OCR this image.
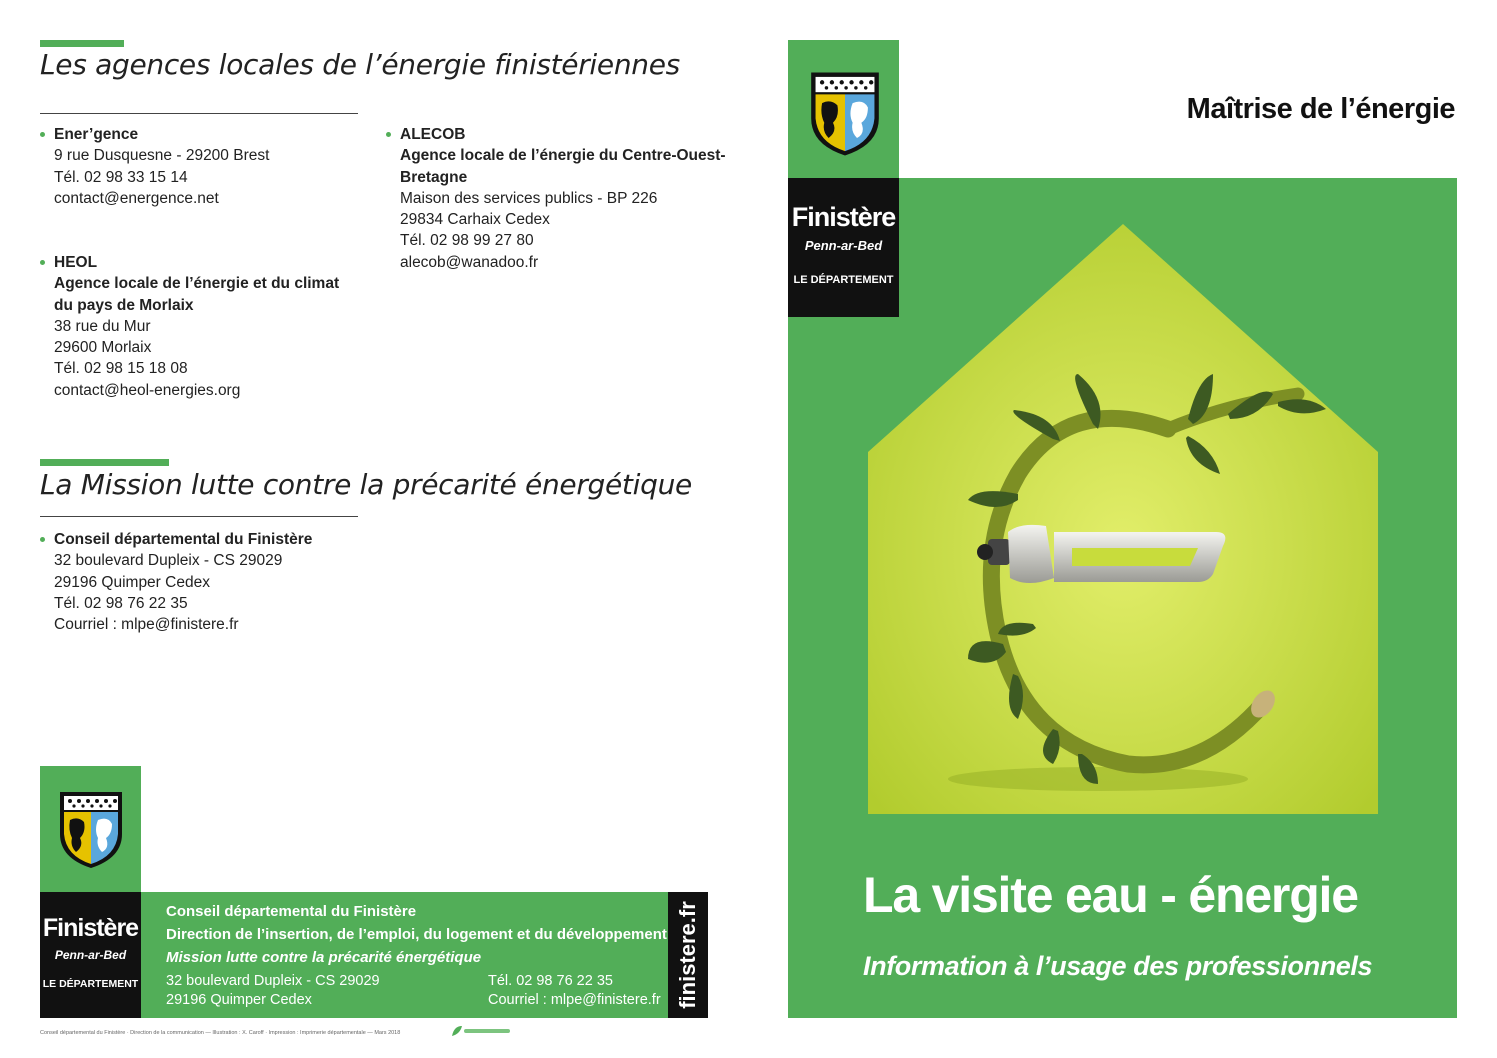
Les agences locales de l’énergie finistériennes
Ener’gence
9 rue Dusquesne - 29200 Brest
Tél. 02 98 33 15 14
contact@energence.net
HEOL
Agence locale de l’énergie et du climat
du pays de Morlaix
38 rue du Mur
29600 Morlaix
Tél. 02 98 15 18 08
contact@heol-energies.org
ALECOB
Agence locale de l’énergie du Centre-Ouest-
Bretagne
Maison des services publics - BP 226
29834 Carhaix Cedex
Tél. 02 98 99 27 80
alecob@wanadoo.fr
La Mission lutte contre la précarité énergétique
Conseil départemental du Finistère
32 boulevard Dupleix - CS 29029
29196 Quimper Cedex
Tél. 02 98 76 22 35
Courriel : mlpe@finistere.fr
Finistère
Penn-ar-Bed
LE DÉPARTEMENT
Conseil départemental du Finistère
Direction de l’insertion, de l’emploi, du logement et du développement
Mission lutte contre la précarité énergétique
32 boulevard Dupleix - CS 29029
29196 Quimper Cedex
Tél. 02 98 76 22 35
Courriel : mlpe@finistere.fr finistere.fr
Conseil départemental du Finistère · Direction de la communication — Illustration : X. Caroff · Impression : Imprimerie départementale — Mars 2018
Finistère
Penn-ar-Bed
LE DÉPARTEMENT
Maîtrise de l’énergie
La visite eau - énergie
Information à l’usage des professionnels
